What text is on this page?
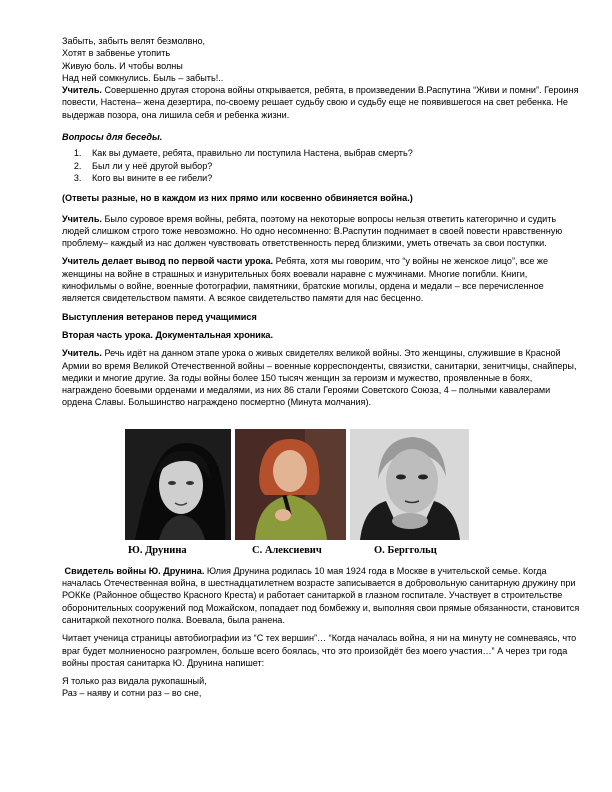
Забыть, забыть велят безмолвно,

Хотят в забвенье утопить

Живую боль. И чтобы волны

Над ней сомкнулись. Быль – забыть!..

Учитель. Совершенно другая сторона войны открывается, ребята, в произведении В.Распутина “Живи и помни”. Героиня повести, Настена– жена дезертира, по-своему решает судьбу свою и судьбу еще не появившегося на свет ребенка. Не выдержав позора, она лишила себя и ребенка жизни.

Вопросы для беседы.

1. Как вы думаете, ребята, правильно ли поступила Настена, выбрав смерть?
2. Был ли у неё другой выбор?
3. Кого вы вините в ее гибели?

(Ответы разные, но в каждом из них прямо или косвенно обвиняется война.)

Учитель. Было суровое время войны, ребята, поэтому на некоторые вопросы нельзя ответить категорично и судить людей слишком строго тоже невозможно. Но одно несомненно: В.Распутин поднимает в своей повести нравственную проблему– каждый из нас должен чувствовать ответственность перед близкими, уметь отвечать за свои поступки.

Учитель делает вывод по первой части урока. Ребята, хотя мы говорим, что “у войны не женское лицо”, все же женщины на войне в страшных и изнурительных боях воевали наравне с мужчинами. Многие погибли. Книги, кинофильмы о войне, военные фотографии, памятники, братские могилы, ордена и медали – все перечисленное является свидетельством памяти. А всякое свидетельство памяти для нас бесценно.

Выступления ветеранов перед учащимися

Вторая часть урока. Документальная хроника.

Учитель. Речь идёт на данном этапе урока о живых свидетелях великой войны. Это женщины, служившие в Красной Армии во время Великой Отечественной войны – военные корреспонденты, связистки, санитарки, зенитчицы, снайперы, медики и многие другие. За годы войны более 150 тысяч женщин за героизм и мужество, проявленные в боях, награждено боевыми орденами и медалями, из них 86 стали Героями Советского Союза, 4 – полными кавалерами ордена Славы. Большинство награждено посмертно (Минута молчания).

Ю. Друнина	С. Алексиевич	О. Берггольц

Свидетель войны Ю. Друнина. Юлия Друнина родилась 10 мая 1924 года в Москве в учительской семье. Когда началась Отечественная война, в шестнадцатилетнем возрасте записывается в добровольную санитарную дружину при РОККе (Районное общество Красного Креста) и работает санитаркой в глазном госпитале. Участвует в строительстве оборонительных сооружений под Можайском, попадает под бомбежку и, выполняя свои прямые обязанности, становится санитаркой пехотного полка. Воевала, была ранена.

Читает ученица страницы автобиографии из “С тех вершин”… “Когда началась война, я ни на минуту не сомневаясь, что враг будет молниеносно разгромлен, больше всего боялась, что это произойдёт без моего участия…” А через три года войны простая санитарка Ю. Друнина напишет:

Я только раз видала рукопашный,

Раз – наяву и сотни раз – во сне,
